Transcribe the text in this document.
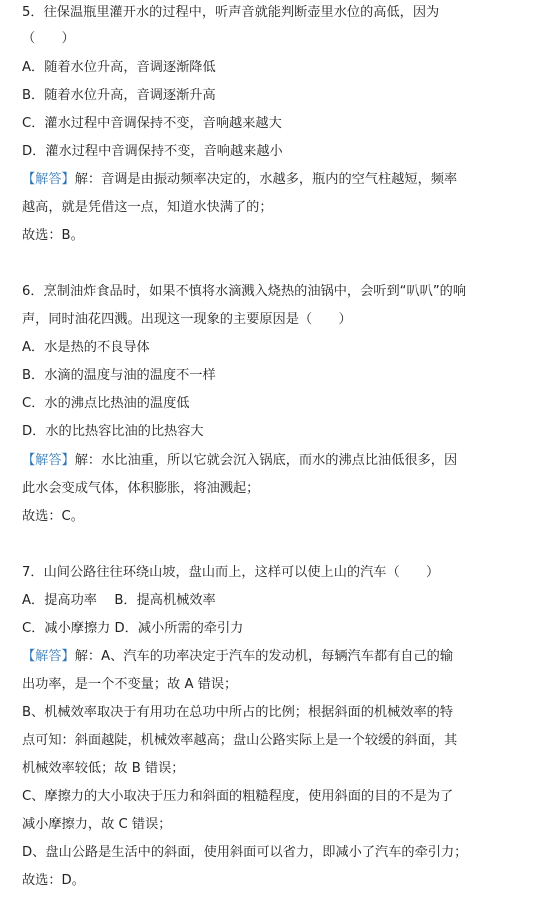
5．往保温瓶里灌开水的过程中，听声音就能判断壶里水位的高低，因为
（　　）
A．随着水位升高，音调逐渐降低
B．随着水位升高，音调逐渐升高
C．灌水过程中音调保持不变，音响越来越大
D．灌水过程中音调保持不变，音响越来越小
【解答】解：音调是由振动频率决定的，水越多，瓶内的空气柱越短，频率
越高，就是凭借这一点，知道水快满了的；
故选：B。
6．烹制油炸食品时，如果不慎将水滴溅入烧热的油锅中，会听到“叭叭”的响
声，同时油花四溅。出现这一现象的主要原因是（　　）
A．水是热的不良导体
B．水滴的温度与油的温度不一样
C．水的沸点比热油的温度低
D．水的比热容比油的比热容大
【解答】解：水比油重，所以它就会沉入锅底，而水的沸点比油低很多，因
此水会变成气体，体积膨胀，将油溅起；
故选：C。
7．山间公路往往环绕山坡，盘山而上，这样可以使上山的汽车（　　）
A．提高功率　 B．提高机械效率
C．减小摩擦力 D．减小所需的牵引力
【解答】解：A、汽车的功率决定于汽车的发动机，每辆汽车都有自己的输
出功率，是一个不变量；故 A 错误；
B、机械效率取决于有用功在总功中所占的比例；根据斜面的机械效率的特
点可知：斜面越陡，机械效率越高；盘山公路实际上是一个较缓的斜面，其
机械效率较低；故 B 错误；
C、摩擦力的大小取决于压力和斜面的粗糙程度，使用斜面的目的不是为了
减小摩擦力，故 C 错误；
D、盘山公路是生活中的斜面，使用斜面可以省力，即减小了汽车的牵引力；
故选：D。
